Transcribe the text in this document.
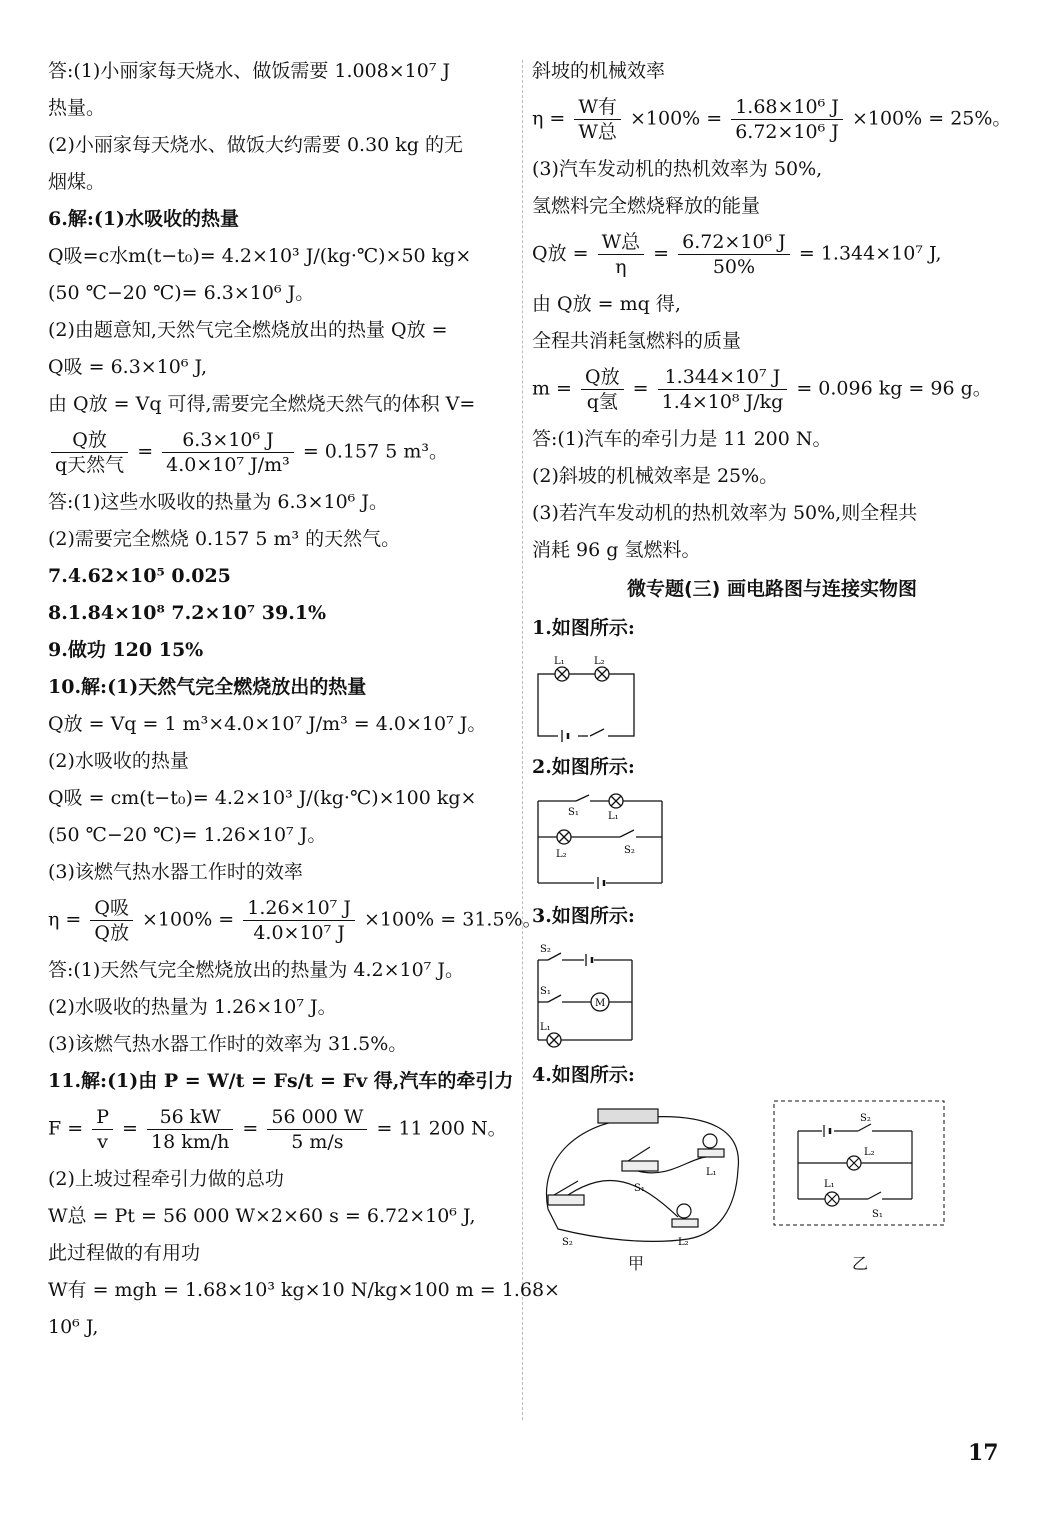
答:(1)小丽家每天烧水、做饭需要 1.008×10⁷ J
热量。
(2)小丽家每天烧水、做饭大约需要 0.30 kg 的无
烟煤。
6.解:(1)水吸收的热量
Q吸=c水m(t−t₀)= 4.2×10³ J/(kg·℃)×50 kg×
(50 ℃−20 ℃)= 6.3×10⁶ J。
(2)由题意知,天然气完全燃烧放出的热量 Q放 =
Q吸 = 6.3×10⁶ J,
由 Q放 = Vq 可得,需要完全燃烧天然气的体积 V=
$\frac{\text{Q放}}{\text{q天然气}} = \frac{\text{6.3×10⁶ J}}{\text{4.0×10⁷ J/m³}} = 0.157$ 5 m³。
答:(1)这些水吸收的热量为 6.3×10⁶ J。
(2)需要完全燃烧 0.157 5 m³ 的天然气。
7.4.62×10⁵ 0.025
8.1.84×10⁸ 7.2×10⁷ 39.1%
9.做功 120 15%
10.解:(1)天然气完全燃烧放出的热量
Q放 = Vq = 1 m³×4.0×10⁷ J/m³ = 4.0×10⁷ J。
(2)水吸收的热量
Q吸 = cm(t−t₀)= 4.2×10³ J/(kg·℃)×100 kg×
(50 ℃−20 ℃)= 1.26×10⁷ J。
(3)该燃气热水器工作时的效率
$\eta = \frac{\text{Q吸}}{\text{Q放}} \times 100\% = \frac{\text{1.26×10⁷ J}}{\text{4.0×10⁷ J}} \times 100\% = 31.5\%$。
答:(1)天然气完全燃烧放出的热量为 4.2×10⁷ J。
(2)水吸收的热量为 1.26×10⁷ J。
(3)该燃气热水器工作时的效率为 31.5%。
11.解:(1)由 P = W/t = Fs/t = Fv 得,汽车的牵引力
$F = \frac{P}{v} = \frac{56 kW}{18 km/h} = \frac{56 000 W}{5 m/s} = 11$ 200 N。
(2)上坡过程牵引力做的总功
W总 = Pt = 56 000 W×2×60 s = 6.72×10⁶ J,
此过程做的有用功
W有 = mgh = 1.68×10³ kg×10 N/kg×100 m = 1.68×
10⁶ J,
斜坡的机械效率
$\eta = \frac{\text{W有}}{\text{W总}} \times 100\% = \frac{\text{1.68×10⁶ J}}{\text{6.72×10⁶ J}} \times 100\% = 25\%$。
(3)汽车发动机的热机效率为 50%,
氢燃料完全燃烧释放的能量
Q放 = $\frac{\text{W总}}{\eta} = \frac{\text{6.72×10⁶ J}}{50\%} = 1.344\times 10^7$ J,
由 Q放 = mq 得,
全程共消耗氢燃料的质量
$m = \frac{\text{Q放}}{\text{q氢}} = \frac{\text{1.344×10⁷ J}}{\text{1.4×10⁸ J/kg}} = 0.096$ kg = 96 g。
答:(1)汽车的牵引力是 11 200 N。
(2)斜坡的机械效率是 25%。
(3)若汽车发动机的热机效率为 50%,则全程共
消耗 96 g 氢燃料。
微专题(三) 画电路图与连接实物图
1.如图所示:
L₁	L₂
2.如图所示:
S₁	L₁
L₂	S₂
3.如图所示:
S₂
S₁
M
L₁
4.如图所示:
L₁
S₁
S₂	L₂
甲
S₂
L₂
L₁
S₁
乙
17
